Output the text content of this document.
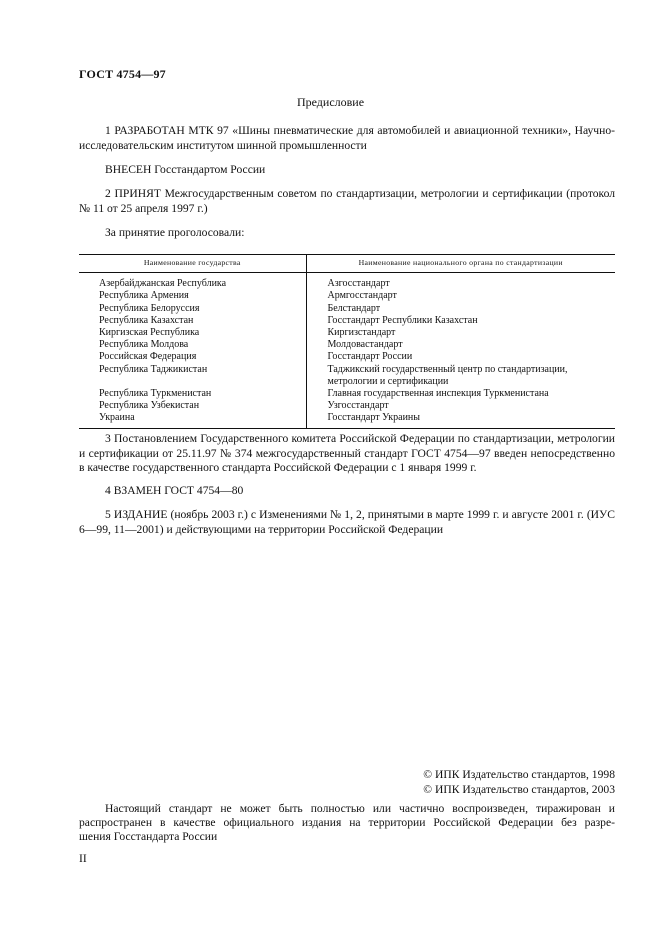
ГОСТ 4754—97
Предисловие
1 РАЗРАБОТАН МТК 97 «Шины пневматические для автомобилей и авиационной техники», Научно-исследовательским институтом шинной промышленности
ВНЕСЕН Госстандартом России
2 ПРИНЯТ Межгосударственным советом по стандартизации, метрологии и сертификации (протокол № 11 от 25 апреля 1997 г.)
За принятие проголосовали:
Наименование государства	Наименование национального органа по стандартизации
Азербайджанская Республика	Азгосстандарт

Республика Армения	Армгосстандарт

Республика Белоруссия	Белстандарт

Республика Казахстан	Госстандарт Республики Казахстан

Киргизская Республика	Киргизстандарт

Республика Молдова	Молдовастандарт

Российская Федерация	Госстандарт России

Республика Таджикистан	Таджикский государственный центр по стандартизации,
метрологии и сертификации

Республика Туркменистан	Главная государственная инспекция Туркменистана

Республика Узбекистан	Узгосстандарт

Украина	Госстандарт Украины
3 Постановлением Государственного комитета Российской Федерации по стандартизации, метрологии и сертификации от 25.11.97 № 374 межгосударственный стандарт ГОСТ 4754—97 введен непосредственно в качестве государственного стандарта Российской Федерации с 1 января 1999 г.
4 ВЗАМЕН ГОСТ 4754—80
5 ИЗДАНИЕ (ноябрь 2003 г.) с Изменениями № 1, 2, принятыми в марте 1999 г. и августе 2001 г. (ИУС 6—99, 11—2001) и действующими на территории Российской Федерации
© ИПК Издательство стандартов, 1998
© ИПК Издательство стандартов, 2003
Настоящий стандарт не может быть полностью или частично воспроизведен, тиражирован и
распространен в качестве официального издания на территории Российской Федерации без разре-
шения Госстандарта России
II
